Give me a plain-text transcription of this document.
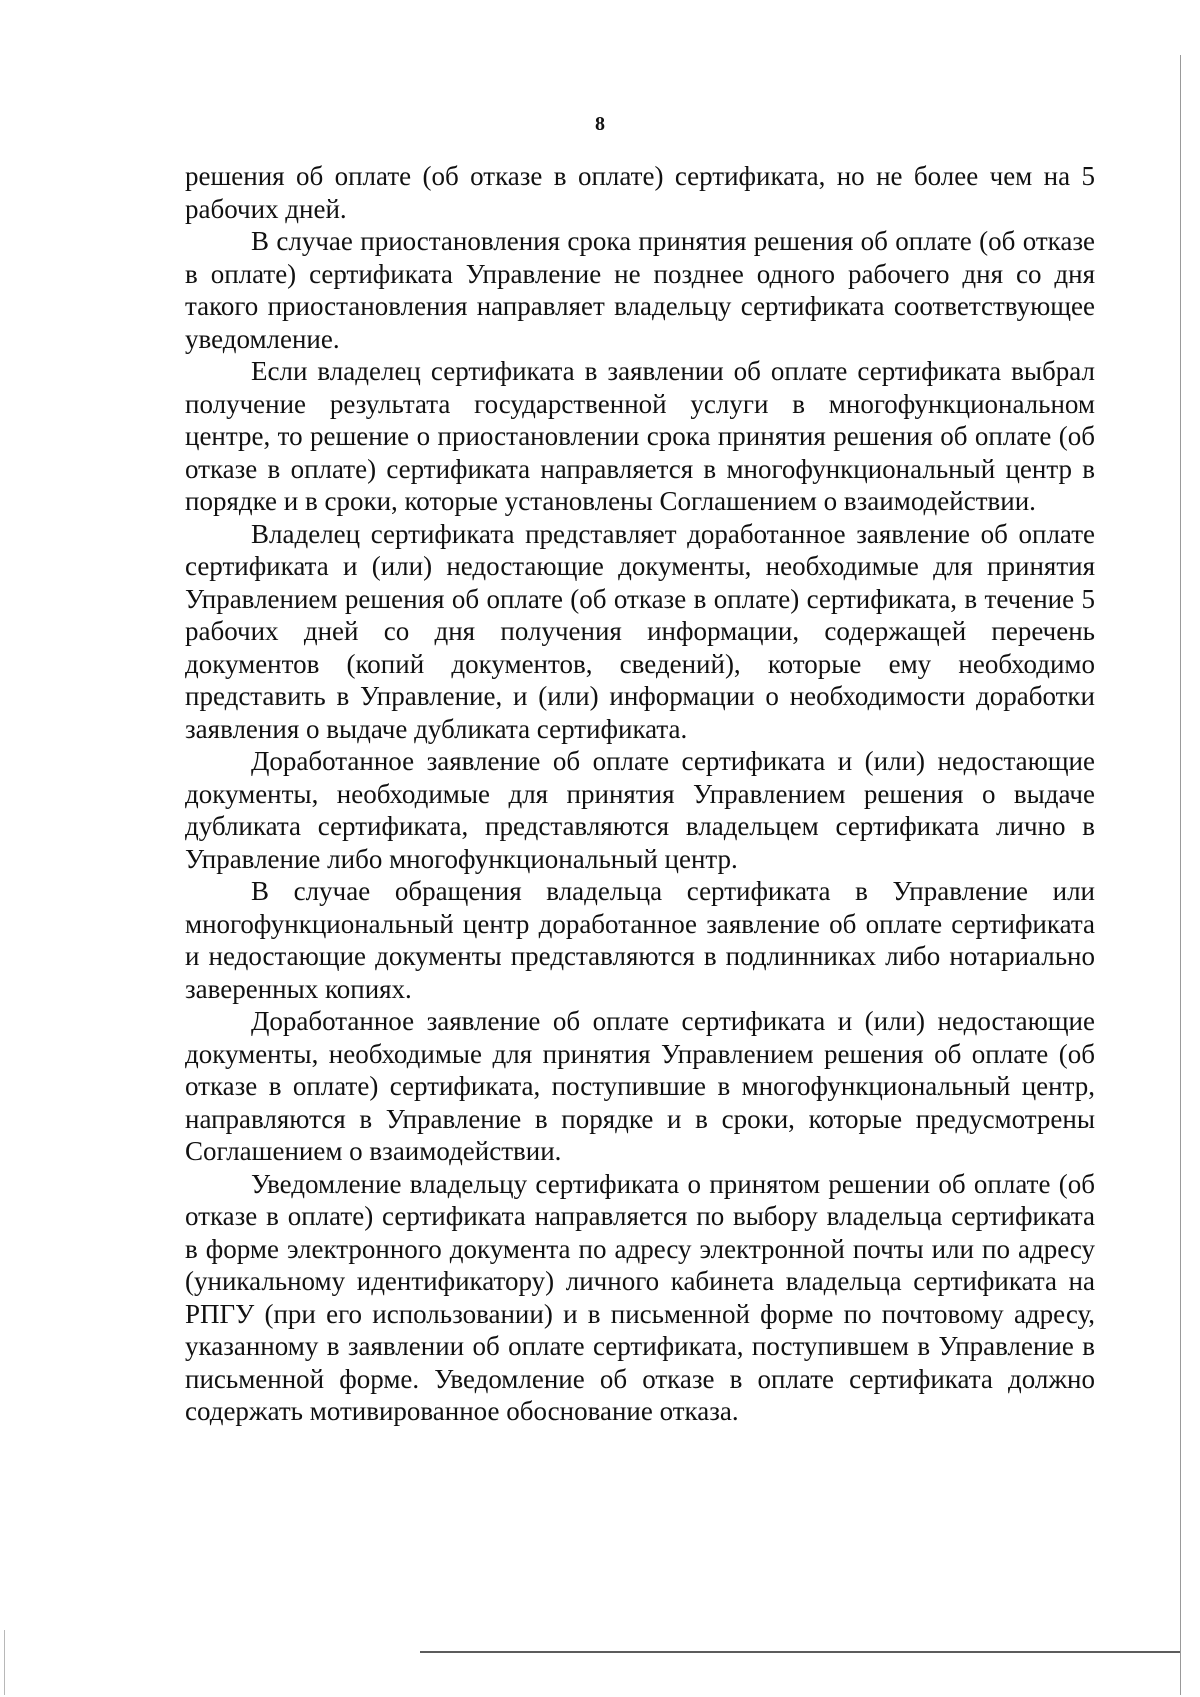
8

решения об оплате (об отказе в оплате) сертификата, но не более чем на 5 рабочих дней.

В случае приостановления срока принятия решения об оплате (об отказе в оплате) сертификата Управление не позднее одного рабочего дня со дня такого приостановления направляет владельцу сертификата соответствующее уведомление.

Если владелец сертификата в заявлении об оплате сертификата выбрал получение результата государственной услуги в многофункциональном центре, то решение о приостановлении срока принятия решения об оплате (об отказе в оплате) сертификата направляется в многофункциональный центр в порядке и в сроки, которые установлены Соглашением о взаимодействии.

Владелец сертификата представляет доработанное заявление об оплате сертификата и (или) недостающие документы, необходимые для принятия Управлением решения об оплате (об отказе в оплате) сертификата, в течение 5 рабочих дней со дня получения информации, содержащей перечень документов (копий документов, сведений), которые ему необходимо представить в Управление, и (или) информации о необходимости доработки заявления о выдаче дубликата сертификата.

Доработанное заявление об оплате сертификата и (или) недостающие документы, необходимые для принятия Управлением решения о выдаче дубликата сертификата, представляются владельцем сертификата лично в Управление либо многофункциональный центр.

В случае обращения владельца сертификата в Управление или многофункциональный центр доработанное заявление об оплате сертификата и недостающие документы представляются в подлинниках либо нотариально заверенных копиях.

Доработанное заявление об оплате сертификата и (или) недостающие документы, необходимые для принятия Управлением решения об оплате (об отказе в оплате) сертификата, поступившие в многофункциональный центр, направляются в Управление в порядке и в сроки, которые предусмотрены Соглашением о взаимодействии.

Уведомление владельцу сертификата о принятом решении об оплате (об отказе в оплате) сертификата направляется по выбору владельца сертификата в форме электронного документа по адресу электронной почты или по адресу (уникальному идентификатору) личного кабинета владельца сертификата на РПГУ (при его использовании) и в письменной форме по почтовому адресу, указанному в заявлении об оплате сертификата, поступившем в Управление в письменной форме. Уведомление об отказе в оплате сертификата должно содержать мотивированное обоснование отказа.
